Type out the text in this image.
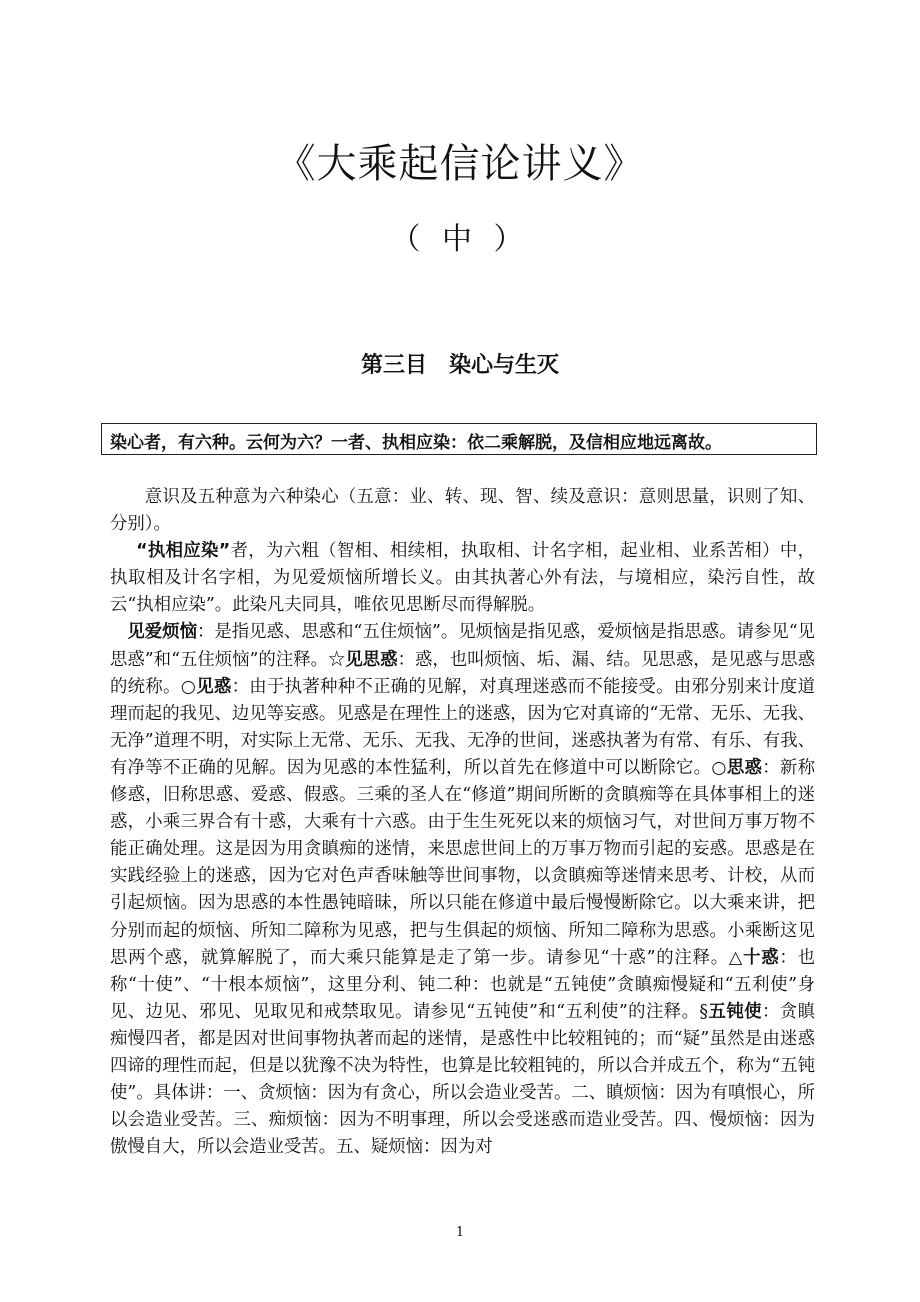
《大乘起信论讲义》
（ 中 ）
第三目　染心与生灭
染心者，有六种。云何为六？一者、执相应染：依二乘解脱，及信相应地远离故。

意识及五种意为六种染心（五意：业、转、现、智、续及意识：意则思量，识则了知、分别）。

“执相应染”者，为六粗（智相、相续相，执取相、计名字相，起业相、业系苦相）中，执取相及计名字相，为见爱烦恼所增长义。由其执著心外有法，与境相应，染污自性，故云“执相应染”。此染凡夫同具，唯依见思断尽而得解脱。

见爱烦恼：是指见惑、思惑和“五住烦恼”。见烦恼是指见惑，爱烦恼是指思惑。请参见“见思惑”和“五住烦恼”的注释。☆见思惑：惑，也叫烦恼、垢、漏、结。见思惑，是见惑与思惑的统称。○见惑：由于执著种种不正确的见解，对真理迷惑而不能接受。由邪分别来计度道理而起的我见、边见等妄惑。见惑是在理性上的迷惑，因为它对真谛的“无常、无乐、无我、无净”道理不明，对实际上无常、无乐、无我、无净的世间，迷惑执著为有常、有乐、有我、有净等不正确的见解。因为见惑的本性猛利，所以首先在修道中可以断除它。○思惑：新称修惑，旧称思惑、爱惑、假惑。三乘的圣人在“修道”期间所断的贪瞋痴等在具体事相上的迷惑，小乘三界合有十惑，大乘有十六惑。由于生生死死以来的烦恼习气，对世间万事万物不能正确处理。这是因为用贪瞋痴的迷情，来思虑世间上的万事万物而引起的妄惑。思惑是在实践经验上的迷惑，因为它对色声香味触等世间事物，以贪瞋痴等迷情来思考、计校，从而引起烦恼。因为思惑的本性愚钝暗昧，所以只能在修道中最后慢慢断除它。以大乘来讲，把分别而起的烦恼、所知二障称为见惑，把与生俱起的烦恼、所知二障称为思惑。小乘断这见思两个惑，就算解脱了，而大乘只能算是走了第一步。请参见“十惑”的注释。△十惑：也称“十使”、“十根本烦恼”，这里分利、钝二种：也就是“五钝使”贪瞋痴慢疑和“五利使”身见、边见、邪见、见取见和戒禁取见。请参见“五钝使”和“五利使”的注释。§五钝使：贪瞋痴慢四者，都是因对世间事物执著而起的迷情，是惑性中比较粗钝的；而“疑”虽然是由迷惑四谛的理性而起，但是以犹豫不决为特性，也算是比较粗钝的，所以合并成五个，称为“五钝使”。具体讲：一、贪烦恼：因为有贪心，所以会造业受苦。二、瞋烦恼：因为有嗔恨心，所以会造业受苦。三、痴烦恼：因为不明事理，所以会受迷惑而造业受苦。四、慢烦恼：因为傲慢自大，所以会造业受苦。五、疑烦恼：因为对

1
